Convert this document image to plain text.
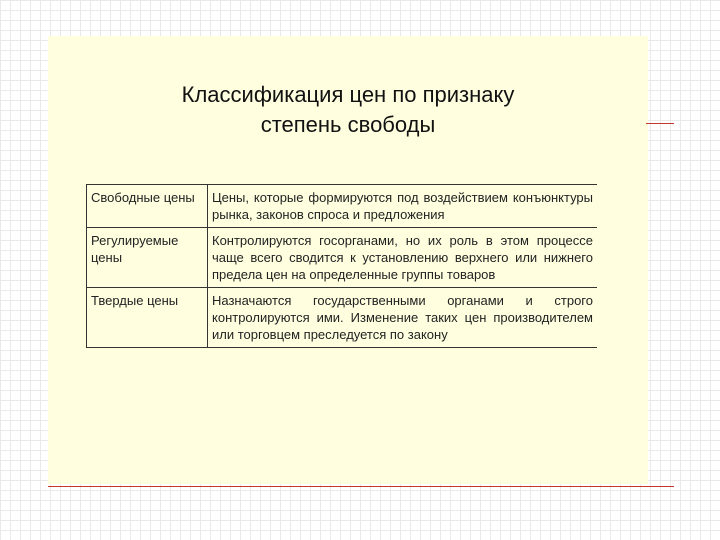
Классификация цен по признаку
степень свободы
Свободные цены	Цены, которые формируются под воздействием конъюнктуры рынка, законов спроса и предложения
Регулируемые цены	Контролируются госорганами, но их роль в этом процессе чаще всего сводится к установлению верхнего или нижнего предела цен на определенные группы товаров
Твердые цены	Назначаются государственными органами и строго контролируются ими. Изменение таких цен производителем или торговцем преследуется по закону
